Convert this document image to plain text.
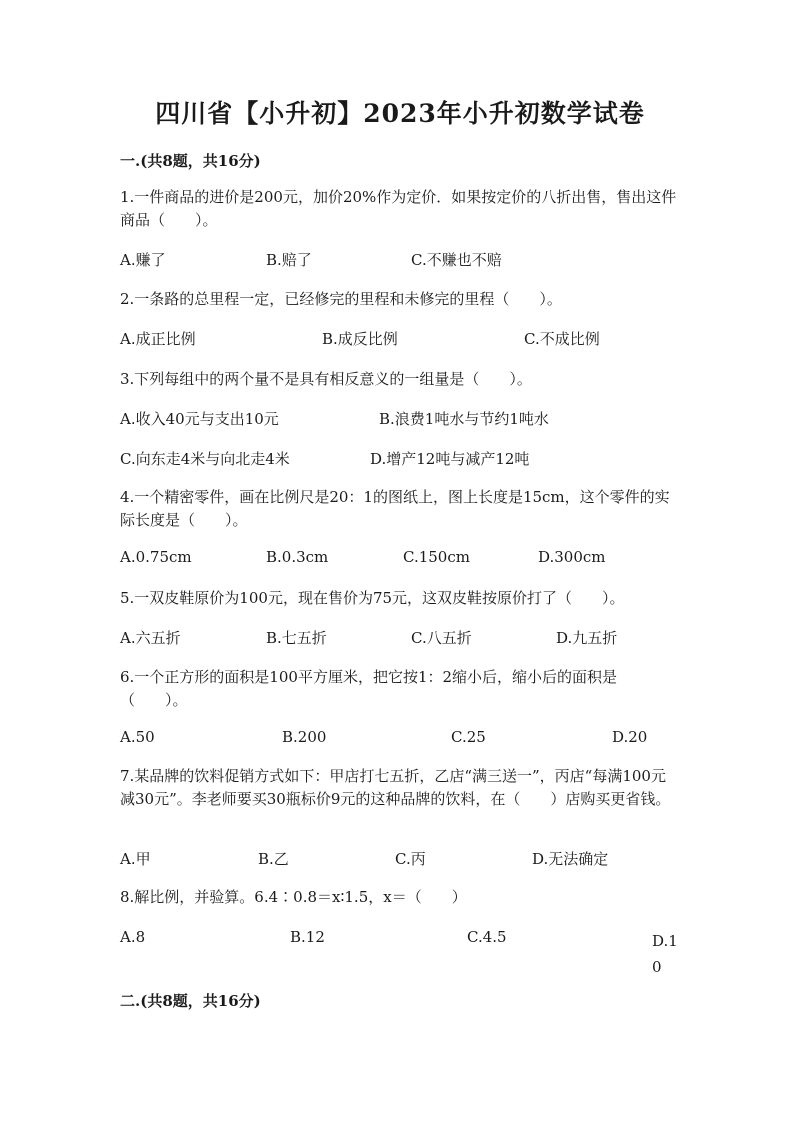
四川省【小升初】2023年小升初数学试卷
一.(共8题，共16分)
1.一件商品的进价是200元，加价20%作为定价．如果按定价的八折出售，售出这件商品（　　）。
A.赚了	B.赔了	C.不赚也不赔
2.一条路的总里程一定，已经修完的里程和未修完的里程（　　）。
A.成正比例	B.成反比例	C.不成比例
3.下列每组中的两个量不是具有相反意义的一组量是（　　）。
A.收入40元与支出10元	B.浪费1吨水与节约1吨水
C.向东走4米与向北走4米	D.增产12吨与减产12吨
4.一个精密零件，画在比例尺是20：1的图纸上，图上长度是15cm，这个零件的实际长度是（　　）。
A.0.75cm	B.0.3cm	C.150cm	D.300cm
5.一双皮鞋原价为100元，现在售价为75元，这双皮鞋按原价打了（　　）。
A.六五折	B.七五折	C.八五折	D.九五折
6.一个正方形的面积是100平方厘米，把它按1：2缩小后，缩小后的面积是（　　）。
A.50	B.200	C.25	D.20
7.某品牌的饮料促销方式如下：甲店打七五折，乙店“满三送一”，丙店“每满100元减30元”。李老师要买30瓶标价9元的这种品牌的饮料，在（　　）店购买更省钱。
A.甲	B.乙	C.丙	D.无法确定
8.解比例，并验算。6.4∶0.8＝x∶1.5，x＝（　　）
A.8	B.12	C.4.5	D.10
二.(共8题，共16分)
